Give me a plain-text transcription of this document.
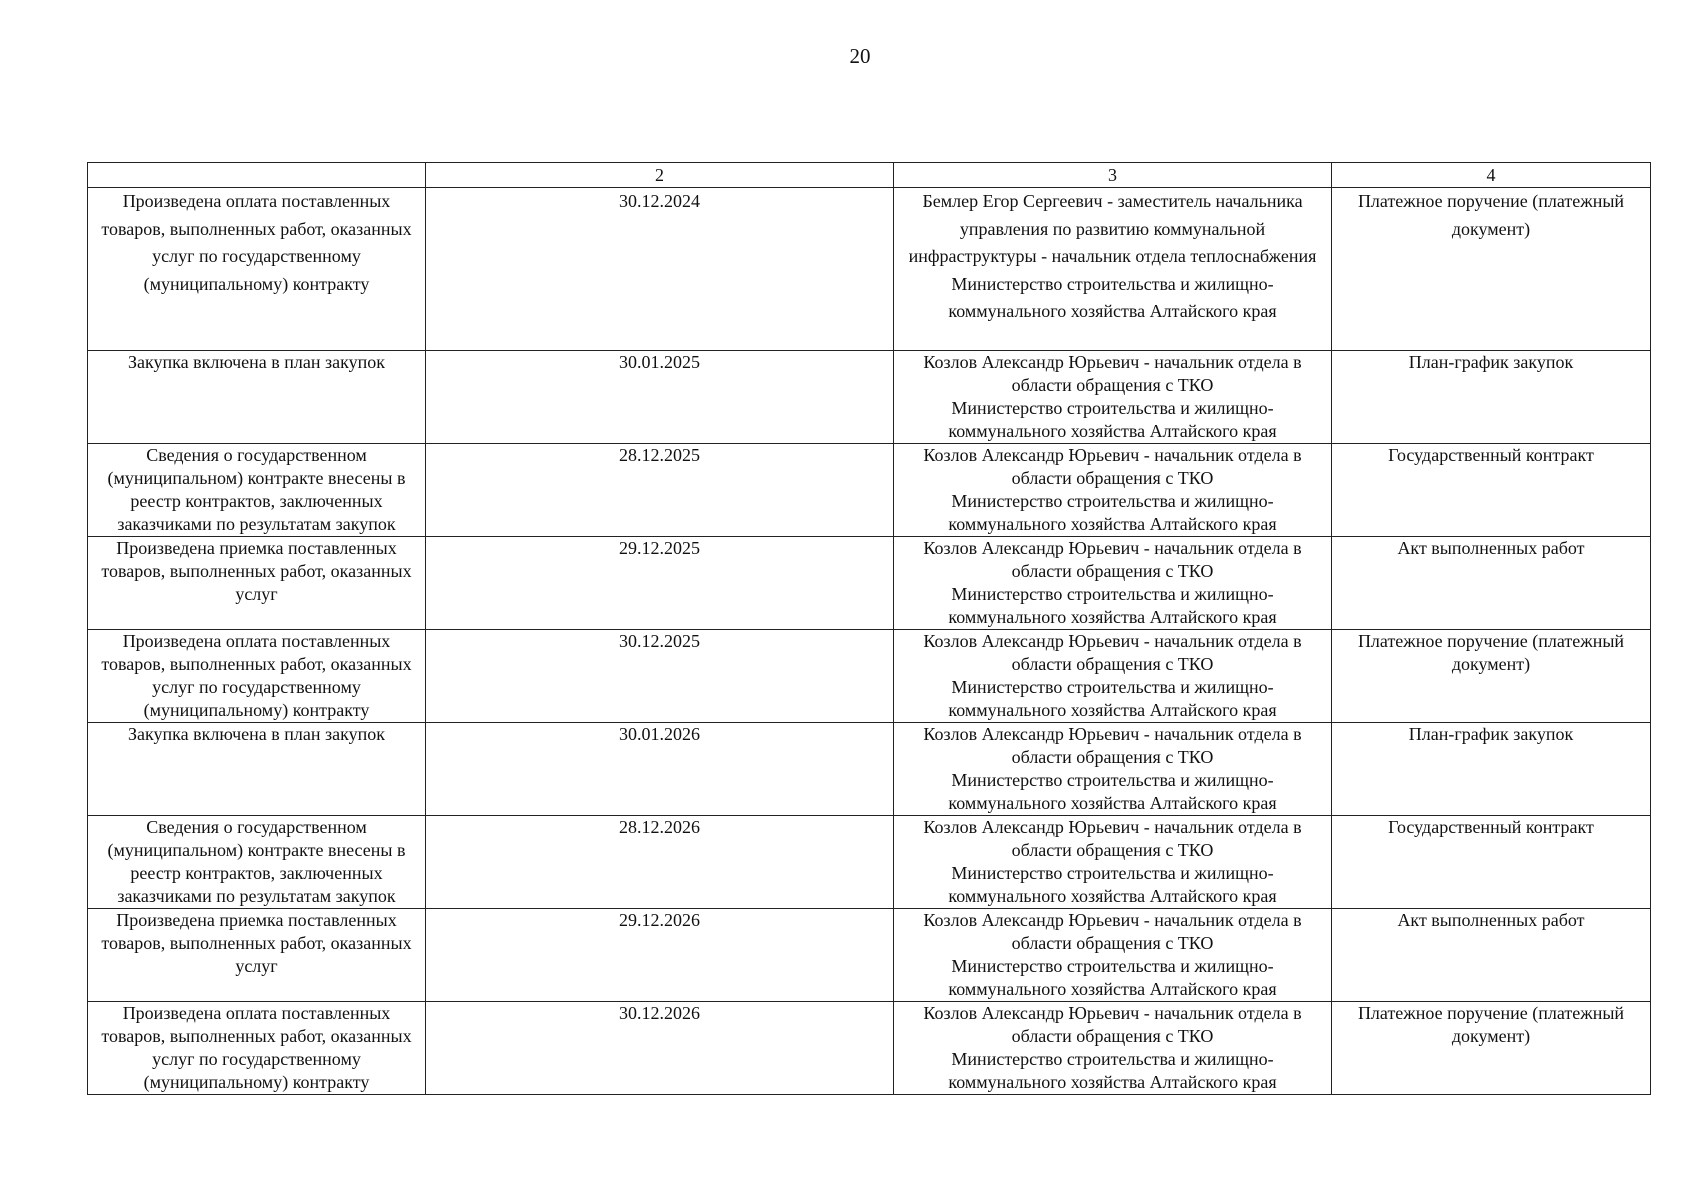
20
	2	3	4
Произведена оплата поставленных товаров, выполненных работ, оказанных услуг по государственному (муниципальному) контракту	30.12.2024	Бемлер Егор Сергеевич - заместитель начальника управления по развитию коммунальной инфраструктуры - начальник отдела теплоснабжения
Министерство строительства и жилищно-коммунального хозяйства Алтайского края	Платежное поручение (платежный документ)
Закупка включена в план закупок	30.01.2025	Козлов Александр Юрьевич - начальник отдела в области обращения с ТКО
Министерство строительства и жилищно-коммунального хозяйства Алтайского края	План-график закупок
Сведения о государственном (муниципальном) контракте внесены в реестр контрактов, заключенных заказчиками по результатам закупок	28.12.2025	Козлов Александр Юрьевич - начальник отдела в области обращения с ТКО
Министерство строительства и жилищно-коммунального хозяйства Алтайского края	Государственный контракт
Произведена приемка поставленных товаров, выполненных работ, оказанных услуг	29.12.2025	Козлов Александр Юрьевич - начальник отдела в области обращения с ТКО
Министерство строительства и жилищно-коммунального хозяйства Алтайского края	Акт выполненных работ
Произведена оплата поставленных товаров, выполненных работ, оказанных услуг по государственному (муниципальному) контракту	30.12.2025	Козлов Александр Юрьевич - начальник отдела в области обращения с ТКО
Министерство строительства и жилищно-коммунального хозяйства Алтайского края	Платежное поручение (платежный документ)
Закупка включена в план закупок	30.01.2026	Козлов Александр Юрьевич - начальник отдела в области обращения с ТКО
Министерство строительства и жилищно-коммунального хозяйства Алтайского края	План-график закупок
Сведения о государственном (муниципальном) контракте внесены в реестр контрактов, заключенных заказчиками по результатам закупок	28.12.2026	Козлов Александр Юрьевич - начальник отдела в области обращения с ТКО
Министерство строительства и жилищно-коммунального хозяйства Алтайского края	Государственный контракт
Произведена приемка поставленных товаров, выполненных работ, оказанных услуг	29.12.2026	Козлов Александр Юрьевич - начальник отдела в области обращения с ТКО
Министерство строительства и жилищно-коммунального хозяйства Алтайского края	Акт выполненных работ
Произведена оплата поставленных товаров, выполненных работ, оказанных услуг по государственному (муниципальному) контракту	30.12.2026	Козлов Александр Юрьевич - начальник отдела в области обращения с ТКО
Министерство строительства и жилищно-коммунального хозяйства Алтайского края	Платежное поручение (платежный документ)
